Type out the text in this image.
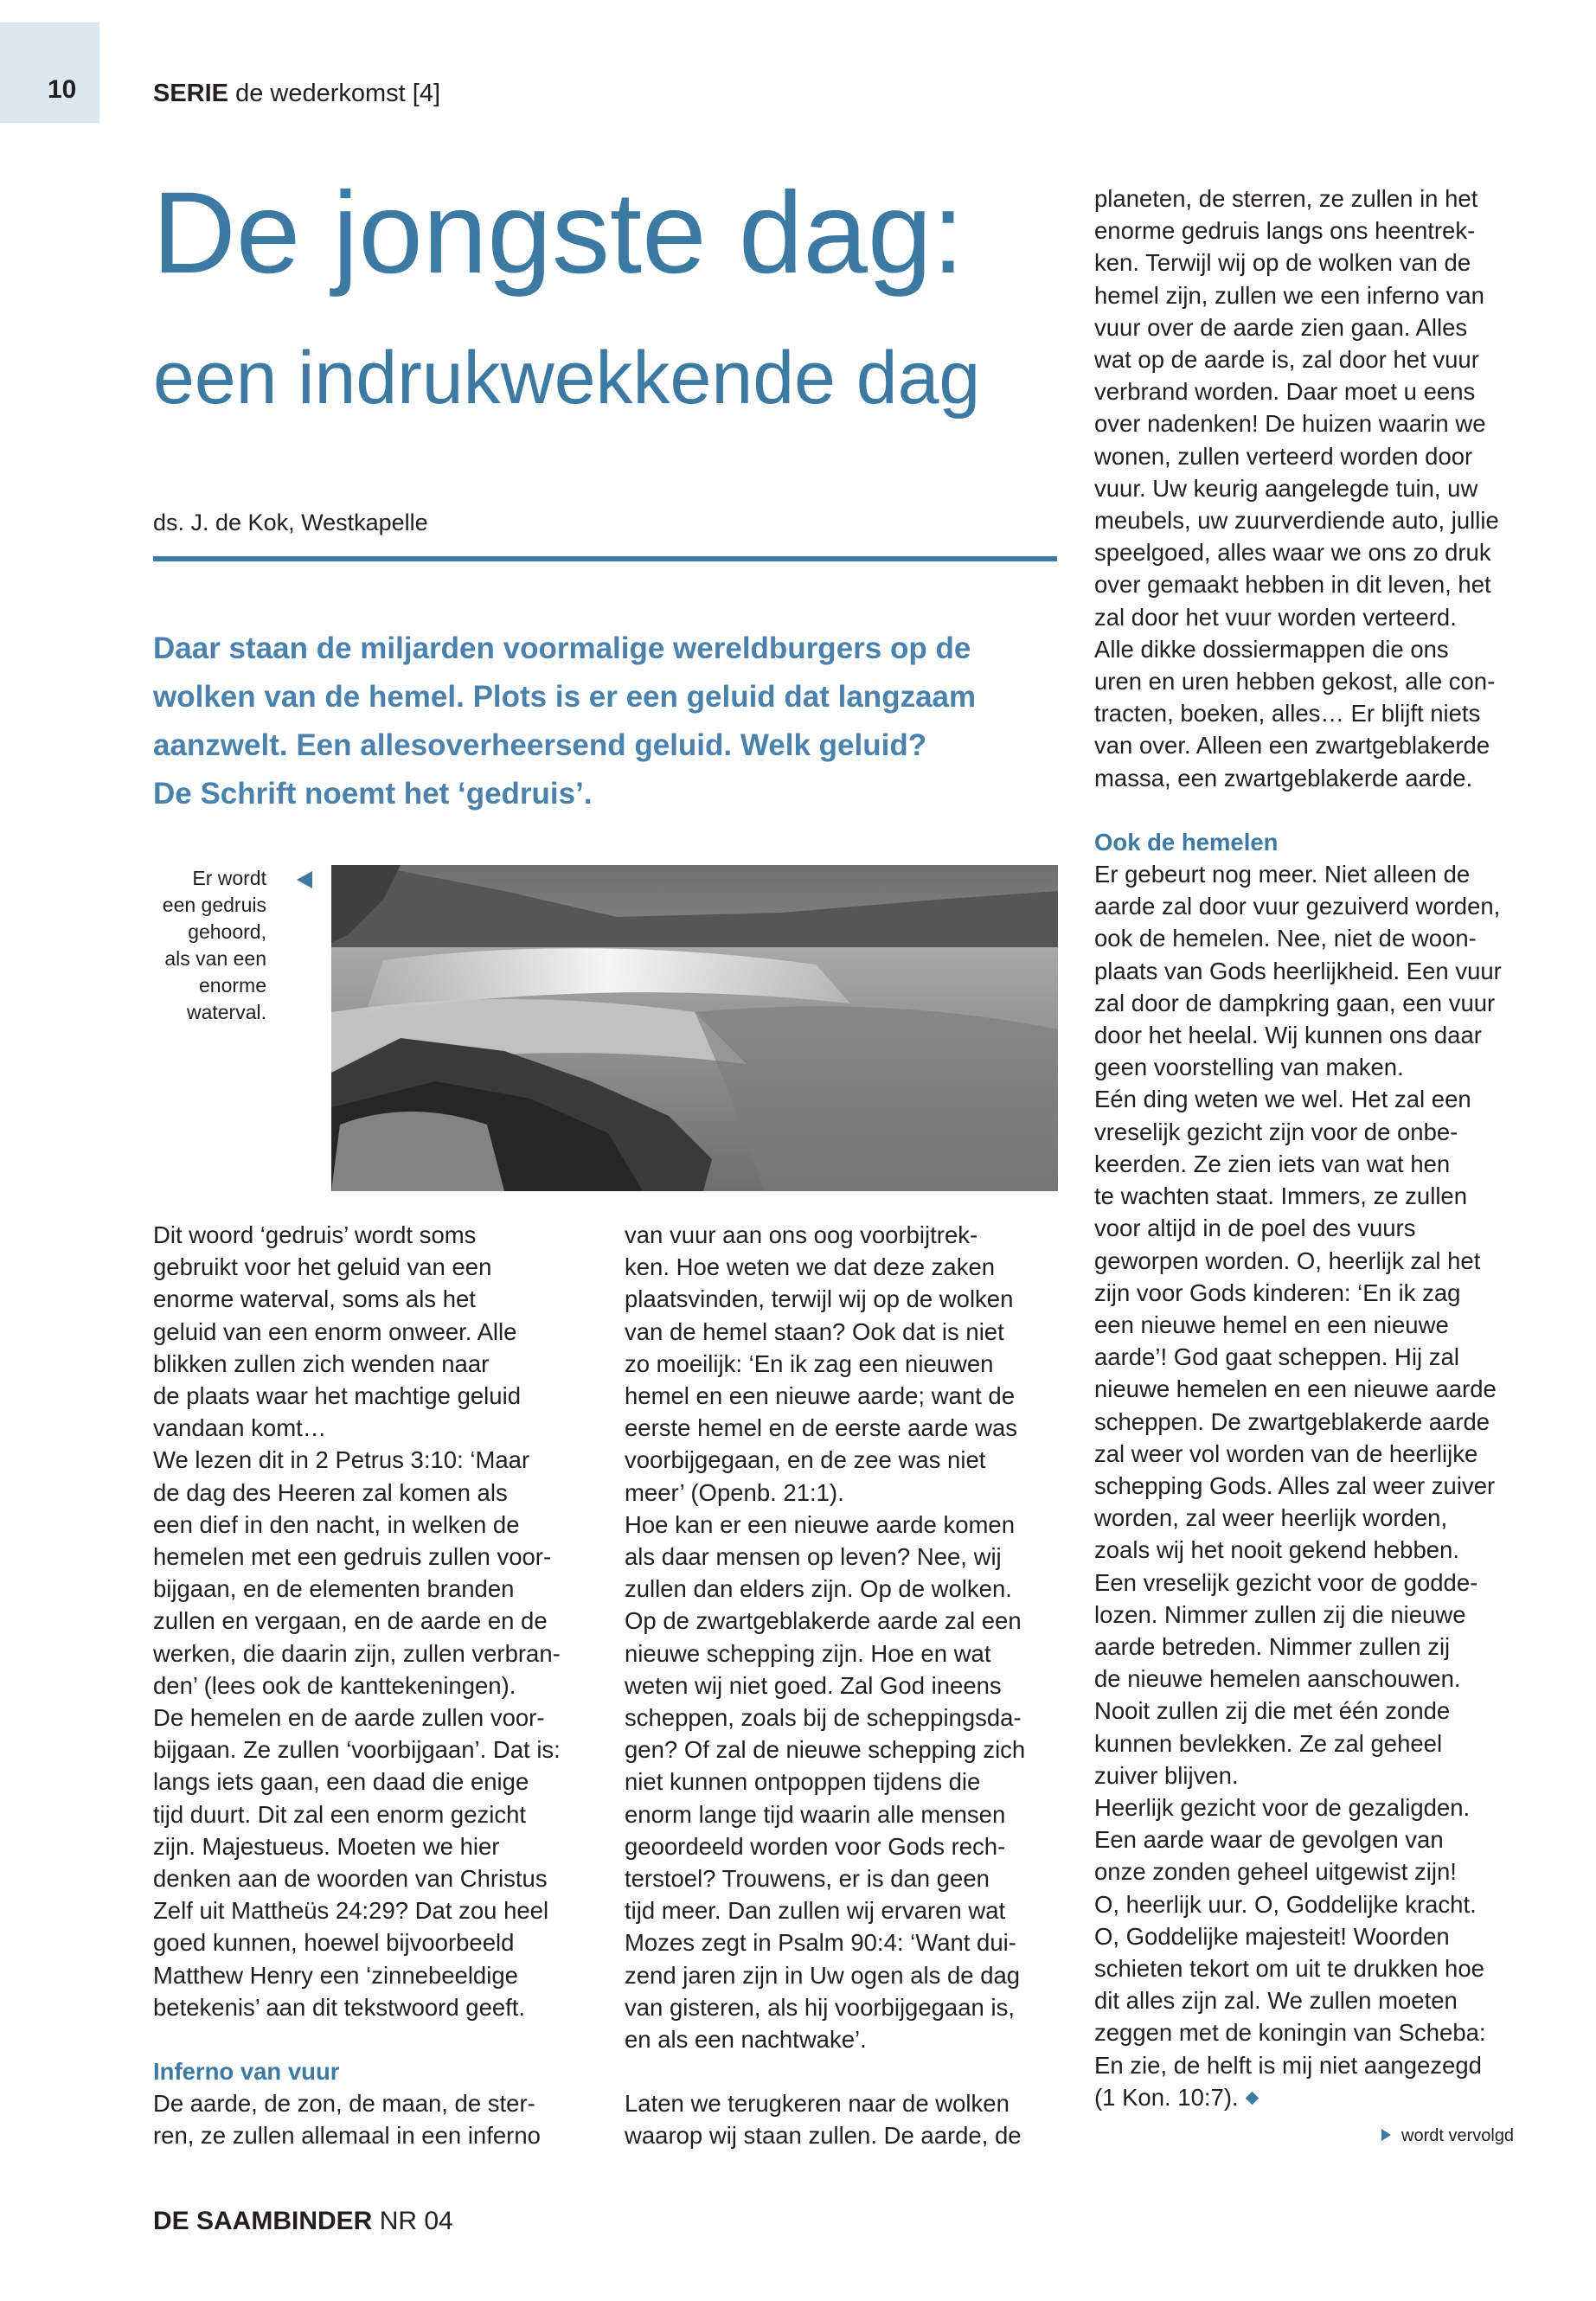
10	SERIE de wederkomst [4]
De jongste dag:
een indrukwekkende dag
ds. J. de Kok, Westkapelle
Daar staan de miljarden voormalige wereldburgers op de
wolken van de hemel. Plots is er een geluid dat langzaam
aanzwelt. Een allesoverheersend geluid. Welk geluid?
De Schrift noemt het ‘gedruis’.
Er wordt
een gedruis
gehoord,
als van een
enorme
waterval.
Dit woord ‘gedruis’ wordt soms
gebruikt voor het geluid van een
enorme waterval, soms als het
geluid van een enorm onweer. Alle
blikken zullen zich wenden naar
de plaats waar het machtige geluid
vandaan komt…
We lezen dit in 2 Petrus 3:10: ‘Maar
de dag des Heeren zal komen als
een dief in den nacht, in welken de
hemelen met een gedruis zullen voor-
bijgaan, en de elementen branden
zullen en vergaan, en de aarde en de
werken, die daarin zijn, zullen verbran-
den’ (lees ook de kanttekeningen).
De hemelen en de aarde zullen voor-
bijgaan. Ze zullen ‘voorbijgaan’. Dat is:
langs iets gaan, een daad die enige
tijd duurt. Dit zal een enorm gezicht
zijn. Majestueus. Moeten we hier
denken aan de woorden van Christus
Zelf uit Mattheüs 24:29? Dat zou heel
goed kunnen, hoewel bijvoorbeeld
Matthew Henry een ‘zinnebeeldige
betekenis’ aan dit tekstwoord geeft.
Inferno van vuur
De aarde, de zon, de maan, de ster-
ren, ze zullen allemaal in een inferno
van vuur aan ons oog voorbijtrek-
ken. Hoe weten we dat deze zaken
plaatsvinden, terwijl wij op de wolken
van de hemel staan? Ook dat is niet
zo moeilijk: ‘En ik zag een nieuwen
hemel en een nieuwe aarde; want de
eerste hemel en de eerste aarde was
voorbijgegaan, en de zee was niet
meer’ (Openb. 21:1).
Hoe kan er een nieuwe aarde komen
als daar mensen op leven? Nee, wij
zullen dan elders zijn. Op de wolken.
Op de zwartgeblakerde aarde zal een
nieuwe schepping zijn. Hoe en wat
weten wij niet goed. Zal God ineens
scheppen, zoals bij de scheppingsda-
gen? Of zal de nieuwe schepping zich
niet kunnen ontpoppen tijdens die
enorm lange tijd waarin alle mensen
geoordeeld worden voor Gods rech-
terstoel? Trouwens, er is dan geen
tijd meer. Dan zullen wij ervaren wat
Mozes zegt in Psalm 90:4: ‘Want dui-
zend jaren zijn in Uw ogen als de dag
van gisteren, als hij voorbijgegaan is,
en als een nachtwake’.
Laten we terugkeren naar de wolken
waarop wij staan zullen. De aarde, de
planeten, de sterren, ze zullen in het
enorme gedruis langs ons heentrek-
ken. Terwijl wij op de wolken van de
hemel zijn, zullen we een inferno van
vuur over de aarde zien gaan. Alles
wat op de aarde is, zal door het vuur
verbrand worden. Daar moet u eens
over nadenken! De huizen waarin we
wonen, zullen verteerd worden door
vuur. Uw keurig aangelegde tuin, uw
meubels, uw zuurverdiende auto, jullie
speelgoed, alles waar we ons zo druk
over gemaakt hebben in dit leven, het
zal door het vuur worden verteerd.
Alle dikke dossiermappen die ons
uren en uren hebben gekost, alle con-
tracten, boeken, alles… Er blijft niets
van over. Alleen een zwartgeblakerde
massa, een zwartgeblakerde aarde.
Ook de hemelen
Er gebeurt nog meer. Niet alleen de
aarde zal door vuur gezuiverd worden,
ook de hemelen. Nee, niet de woon-
plaats van Gods heerlijkheid. Een vuur
zal door de dampkring gaan, een vuur
door het heelal. Wij kunnen ons daar
geen voorstelling van maken.
Eén ding weten we wel. Het zal een
vreselijk gezicht zijn voor de onbe-
keerden. Ze zien iets van wat hen
te wachten staat. Immers, ze zullen
voor altijd in de poel des vuurs
geworpen worden. O, heerlijk zal het
zijn voor Gods kinderen: ‘En ik zag
een nieuwe hemel en een nieuwe
aarde’! God gaat scheppen. Hij zal
nieuwe hemelen en een nieuwe aarde
scheppen. De zwartgeblakerde aarde
zal weer vol worden van de heerlijke
schepping Gods. Alles zal weer zuiver
worden, zal weer heerlijk worden,
zoals wij het nooit gekend hebben.
Een vreselijk gezicht voor de godde-
lozen. Nimmer zullen zij die nieuwe
aarde betreden. Nimmer zullen zij
de nieuwe hemelen aanschouwen.
Nooit zullen zij die met één zonde
kunnen bevlekken. Ze zal geheel
zuiver blijven.
Heerlijk gezicht voor de gezaligden.
Een aarde waar de gevolgen van
onze zonden geheel uitgewist zijn!
O, heerlijk uur. O, Goddelijke kracht.
O, Goddelijke majesteit! Woorden
schieten tekort om uit te drukken hoe
dit alles zijn zal. We zullen moeten
zeggen met de koningin van Scheba:
En zie, de helft is mij niet aangezegd
(1 Kon. 10:7).
wordt vervolgd
DE SAAMBINDER NR 04
